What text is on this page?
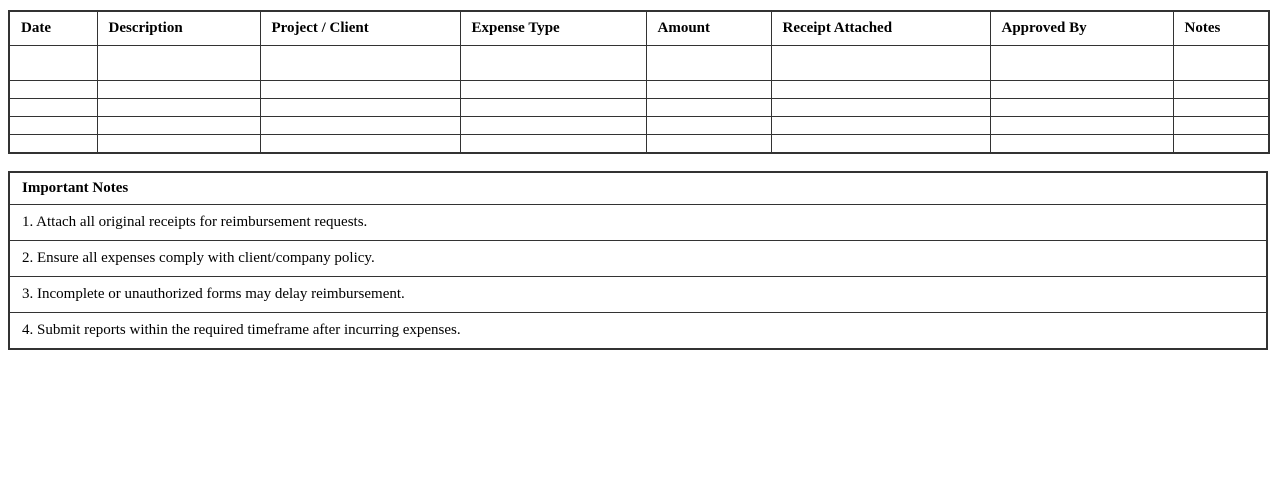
Date	Description	Project / Client	Expense Type	Amount	Receipt Attached	Approved By	Notes

Important Notes
1. Attach all original receipts for reimbursement requests.
2. Ensure all expenses comply with client/company policy.
3. Incomplete or unauthorized forms may delay reimbursement.
4. Submit reports within the required timeframe after incurring expenses.
